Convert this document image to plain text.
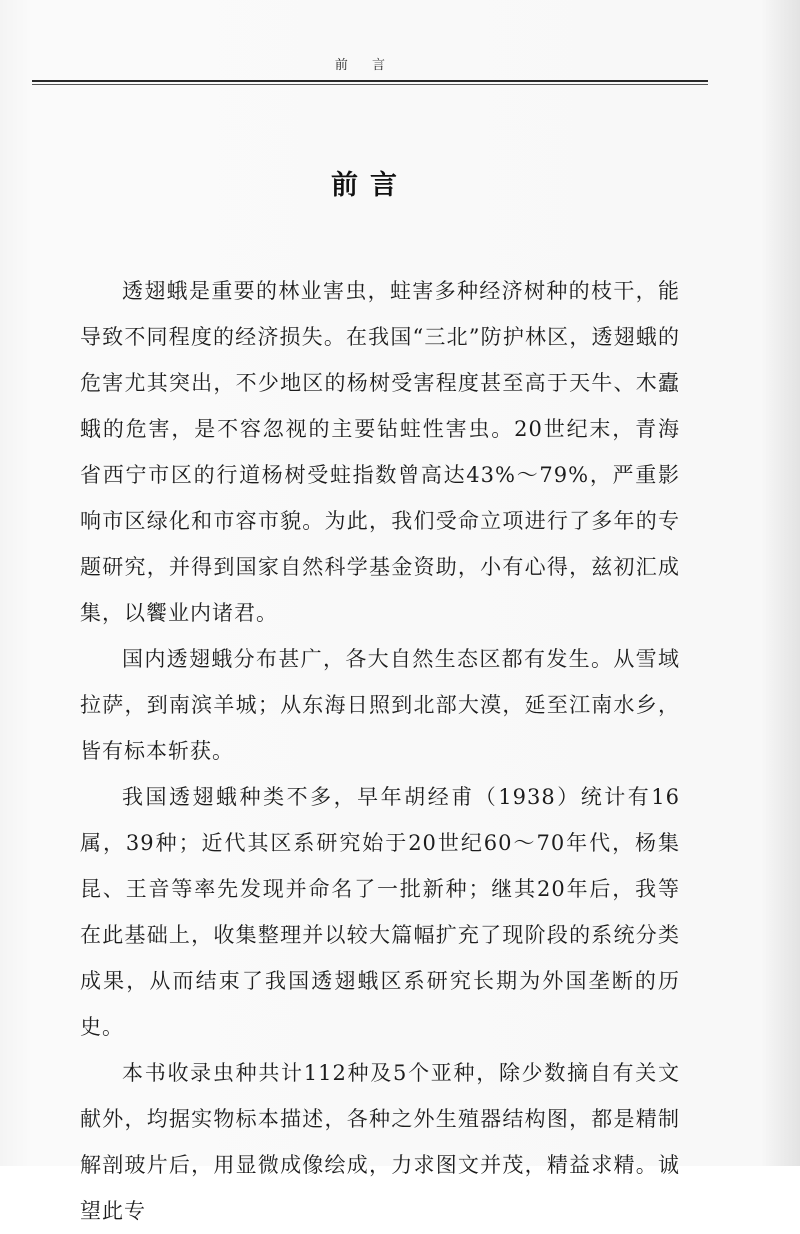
前 言
前言

透翅蛾是重要的林业害虫，蛀害多种经济树种的枝干，能导致不同程度的经济损失。在我国“三北”防护林区，透翅蛾的危害尤其突出，不少地区的杨树受害程度甚至高于天牛、木蠹蛾的危害，是不容忽视的主要钻蛀性害虫。20世纪末，青海省西宁市区的行道杨树受蛀指数曾高达43%～79%，严重影响市区绿化和市容市貌。为此，我们受命立项进行了多年的专题研究，并得到国家自然科学基金资助，小有心得，兹初汇成集，以饗业内诸君。

国内透翅蛾分布甚广，各大自然生态区都有发生。从雪域拉萨，到南滨羊城；从东海日照到北部大漠，延至江南水乡，皆有标本斩获。

我国透翅蛾种类不多，早年胡经甫（1938）统计有16属，39种；近代其区系研究始于20世纪60～70年代，杨集昆、王音等率先发现并命名了一批新种；继其20年后，我等在此基础上，收集整理并以较大篇幅扩充了现阶段的系统分类成果，从而结束了我国透翅蛾区系研究长期为外国垄断的历史。

本书收录虫种共计112种及5个亚种，除少数摘自有关文献外，均据实物标本描述，各种之外生殖器结构图，都是精制解剖玻片后，用显微成像绘成，力求图文并茂，精益求精。诚望此专
